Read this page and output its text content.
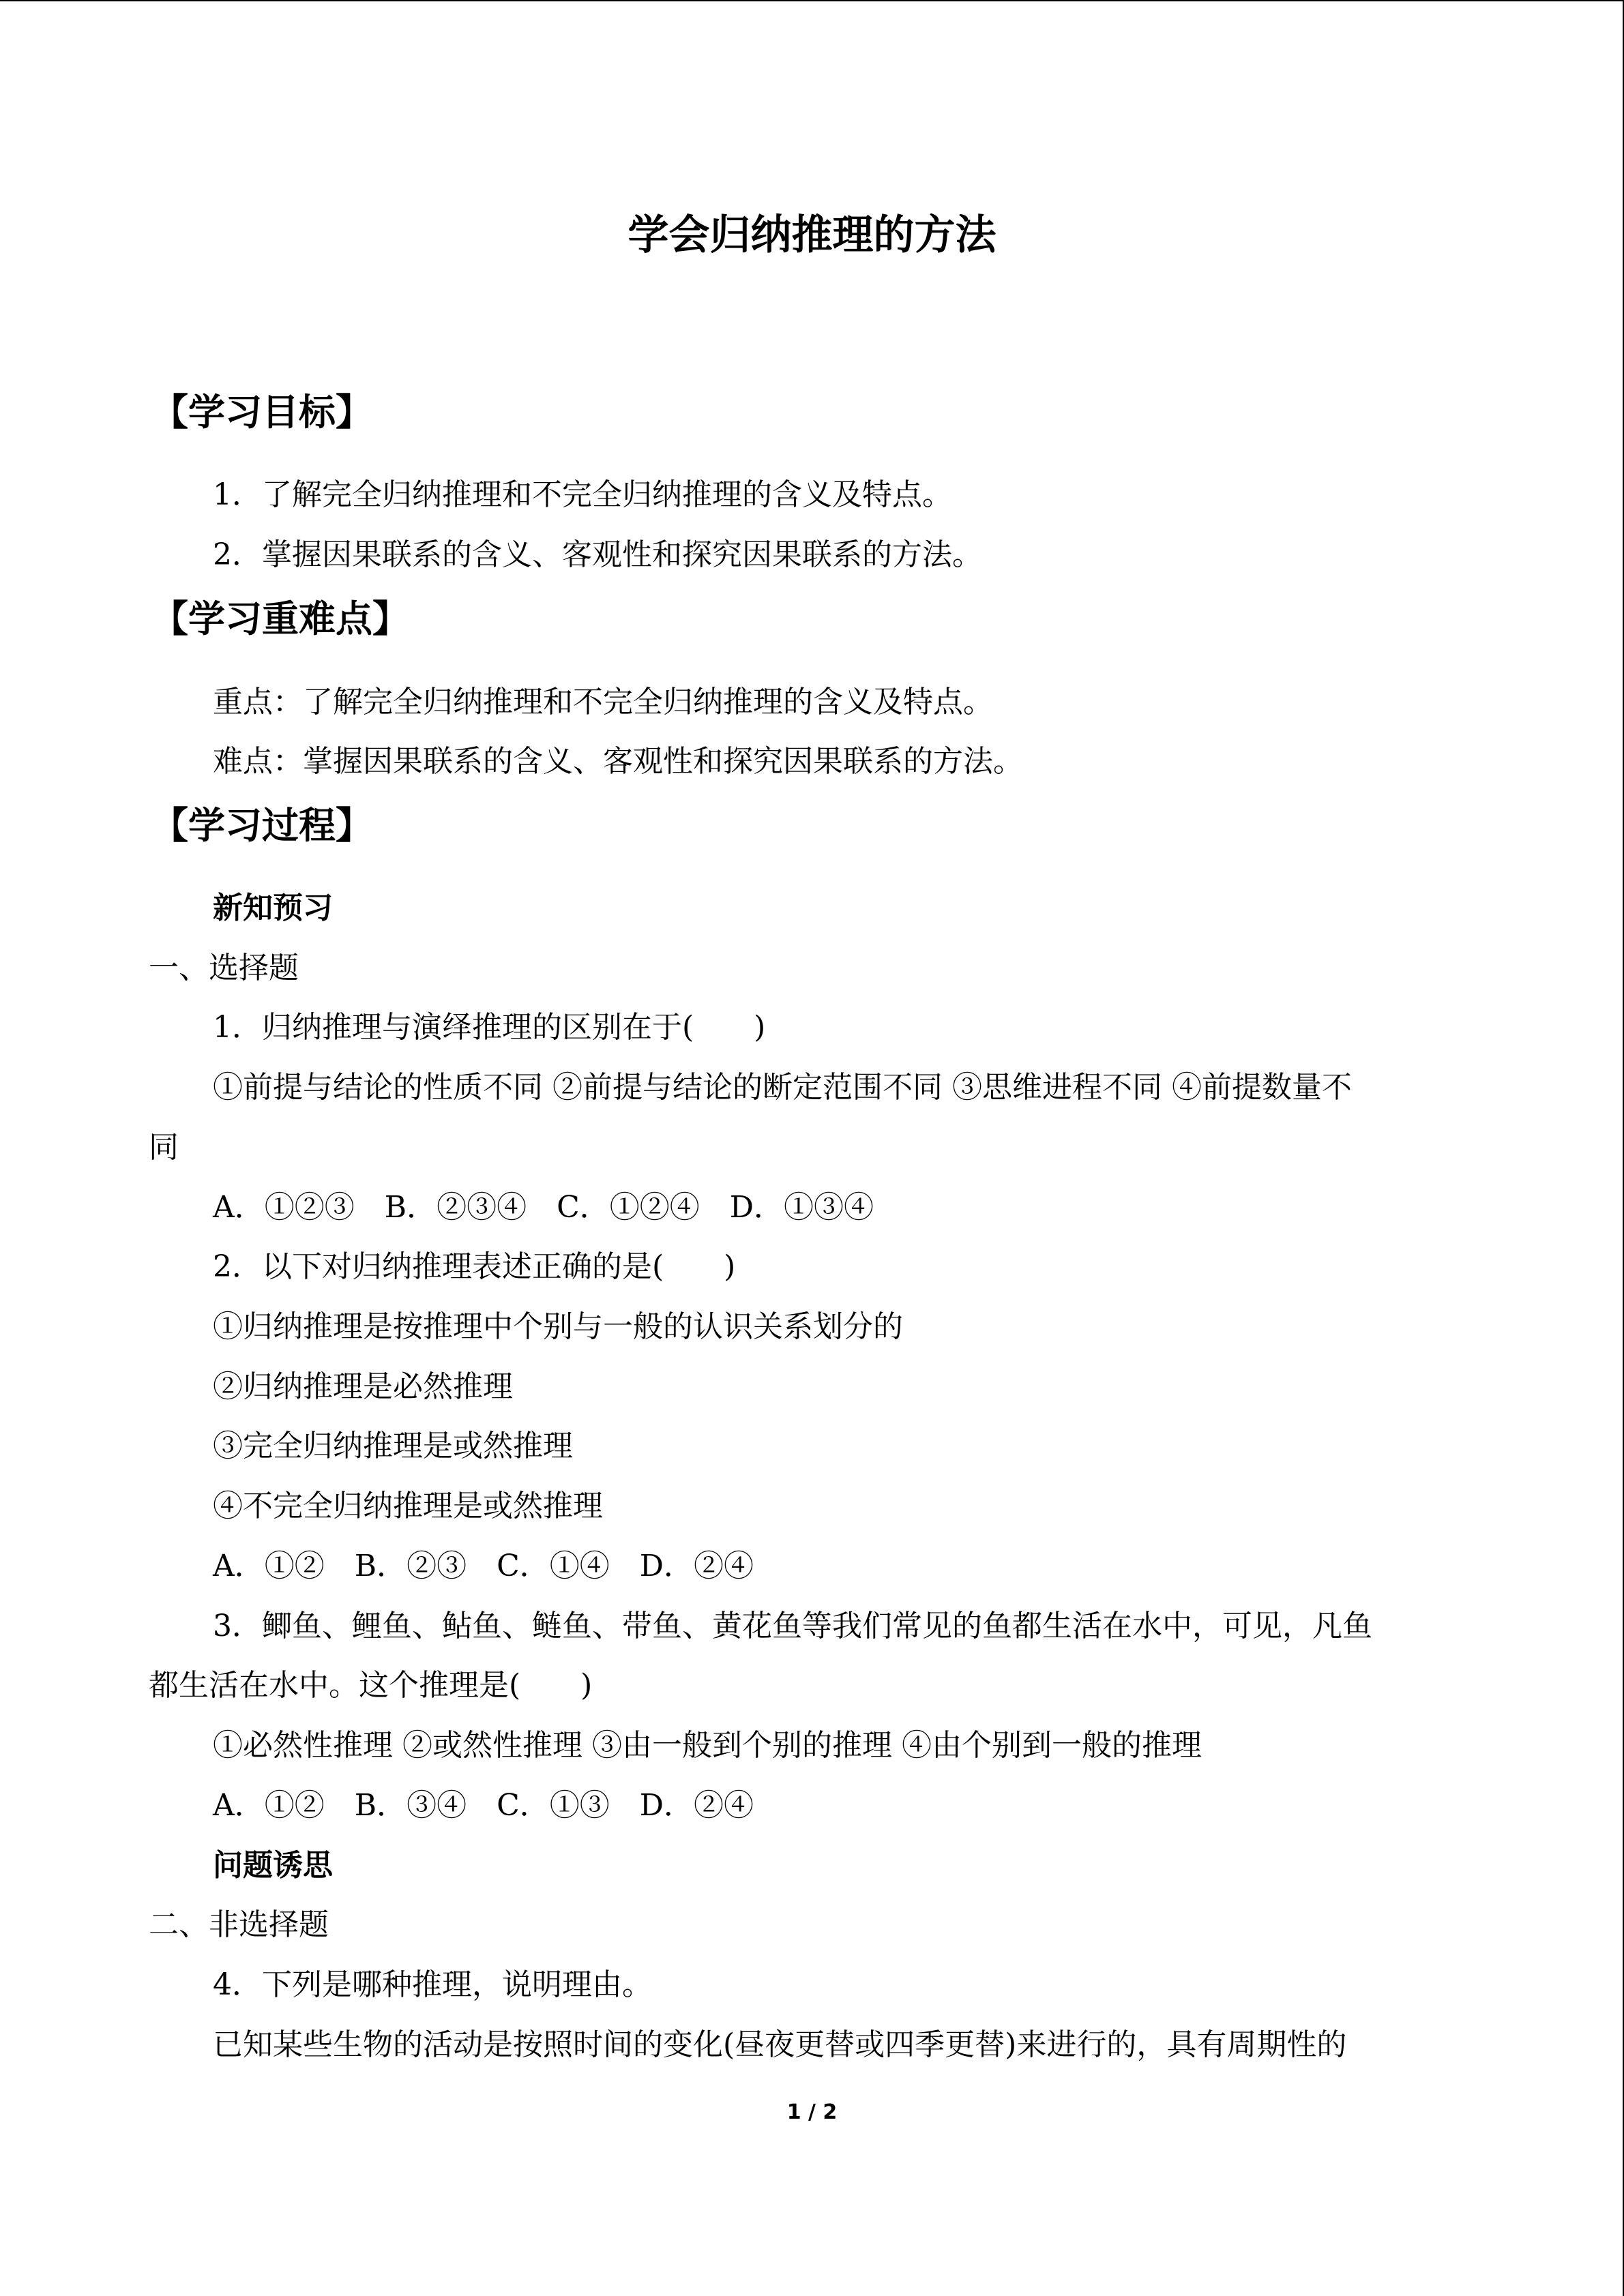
学会归纳推理的方法
【学习目标】
1．了解完全归纳推理和不完全归纳推理的含义及特点。
2．掌握因果联系的含义、客观性和探究因果联系的方法。
【学习重难点】
重点：了解完全归纳推理和不完全归纳推理的含义及特点。
难点：掌握因果联系的含义、客观性和探究因果联系的方法。
【学习过程】
新知预习
一、选择题
1．归纳推理与演绎推理的区别在于(　　)
①前提与结论的性质不同 ②前提与结论的断定范围不同 ③思维进程不同 ④前提数量不
同
A．①②③　B．②③④　C．①②④　D．①③④
2．以下对归纳推理表述正确的是(　　)
①归纳推理是按推理中个别与一般的认识关系划分的
②归纳推理是必然推理
③完全归纳推理是或然推理
④不完全归纳推理是或然推理
A．①②　B．②③　C．①④　D．②④
3．鲫鱼、鲤鱼、鲇鱼、鲢鱼、带鱼、黄花鱼等我们常见的鱼都生活在水中，可见，凡鱼
都生活在水中。这个推理是(　　)
①必然性推理 ②或然性推理 ③由一般到个别的推理 ④由个别到一般的推理
A．①②　B．③④　C．①③　D．②④
问题诱思
二、非选择题
4．下列是哪种推理，说明理由。
已知某些生物的活动是按照时间的变化(昼夜更替或四季更替)来进行的，具有周期性的
1 / 2
